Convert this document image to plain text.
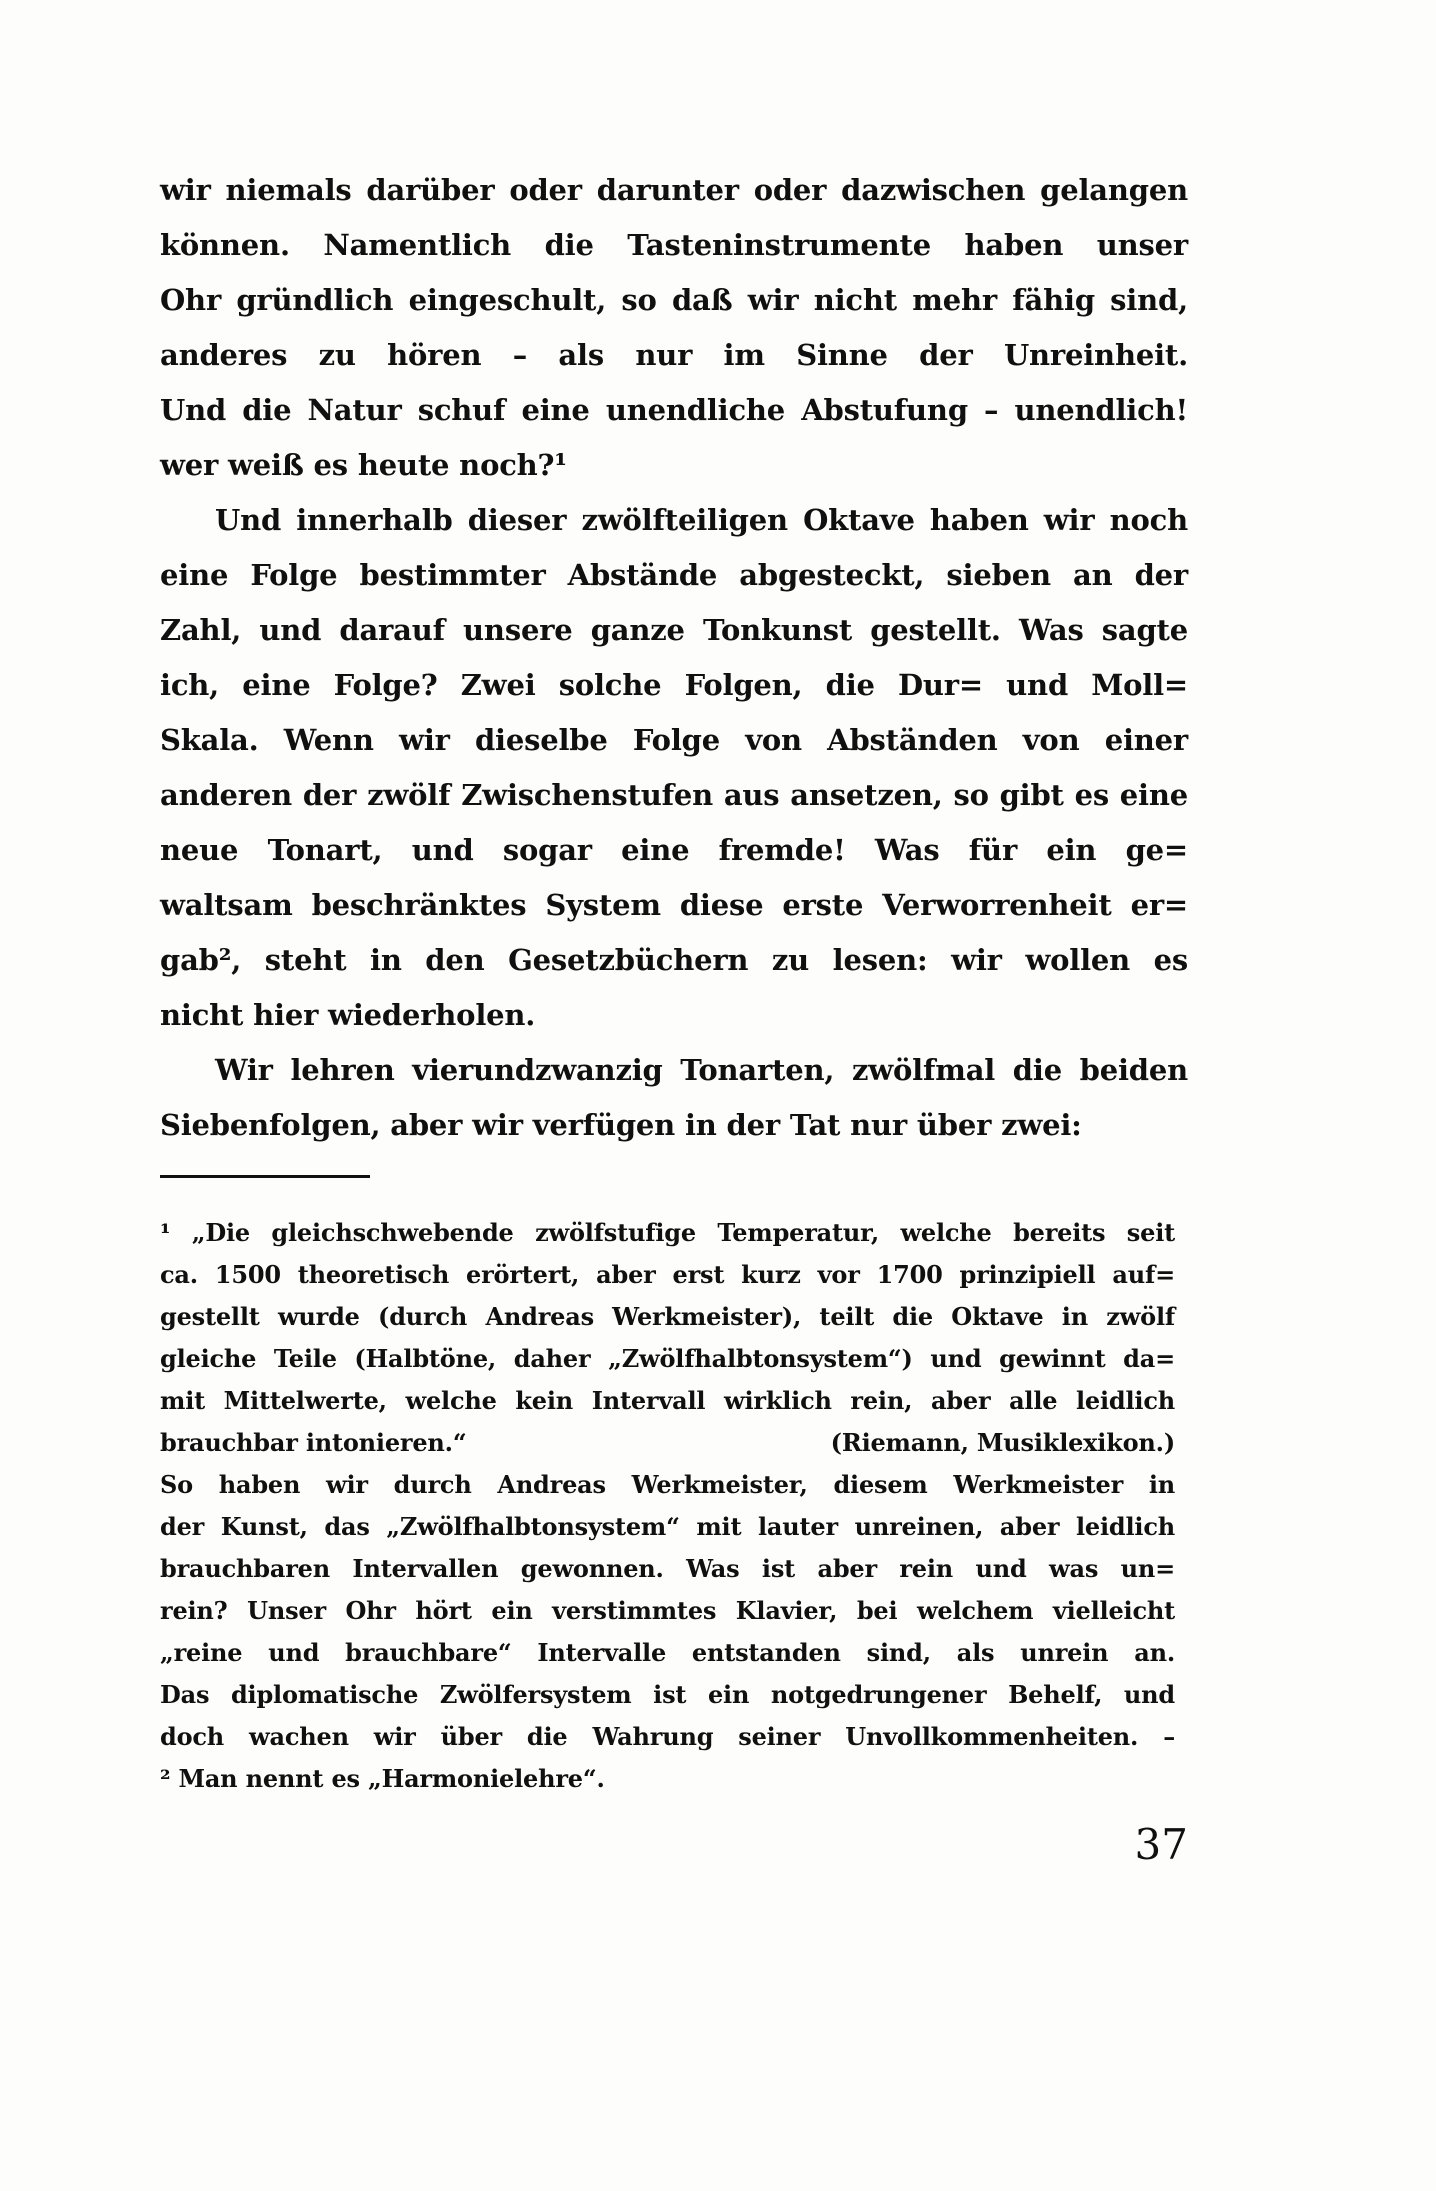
wir niemals darüber oder darunter oder dazwischen gelangen
können. Namentlich die Tasteninstrumente haben unser
Ohr gründlich eingeschult, so daß wir nicht mehr fähig sind,
anderes zu hören – als nur im Sinne der Unreinheit.
Und die Natur schuf eine unendliche Abstufung – unendlich!
wer weiß es heute noch?¹
Und innerhalb dieser zwölfteiligen Oktave haben wir noch
eine Folge bestimmter Abstände abgesteckt, sieben an der
Zahl, und darauf unsere ganze Tonkunst gestellt. Was sagte
ich, eine Folge? Zwei solche Folgen, die Dur= und Moll=
Skala. Wenn wir dieselbe Folge von Abständen von einer
anderen der zwölf Zwischenstufen aus ansetzen, so gibt es eine
neue Tonart, und sogar eine fremde! Was für ein ge=
waltsam beschränktes System diese erste Verworrenheit er=
gab², steht in den Gesetzbüchern zu lesen: wir wollen es
nicht hier wiederholen.
Wir lehren vierundzwanzig Tonarten, zwölfmal die beiden
Siebenfolgen, aber wir verfügen in der Tat nur über zwei:
¹ „Die gleichschwebende zwölfstufige Temperatur, welche bereits seit
ca. 1500 theoretisch erörtert, aber erst kurz vor 1700 prinzipiell auf=
gestellt wurde (durch Andreas Werkmeister), teilt die Oktave in zwölf
gleiche Teile (Halbtöne, daher „Zwölfhalbtonsystem“) und gewinnt da=
mit Mittelwerte, welche kein Intervall wirklich rein, aber alle leidlich
brauchbar intonieren.“	(Riemann, Musiklexikon.)
So haben wir durch Andreas Werkmeister, diesem Werkmeister in
der Kunst, das „Zwölfhalbtonsystem“ mit lauter unreinen, aber leidlich
brauchbaren Intervallen gewonnen. Was ist aber rein und was un=
rein? Unser Ohr hört ein verstimmtes Klavier, bei welchem vielleicht
„reine und brauchbare“ Intervalle entstanden sind, als unrein an.
Das diplomatische Zwölfersystem ist ein notgedrungener Behelf, und
doch wachen wir über die Wahrung seiner Unvollkommenheiten. –
² Man nennt es „Harmonielehre“.
37
